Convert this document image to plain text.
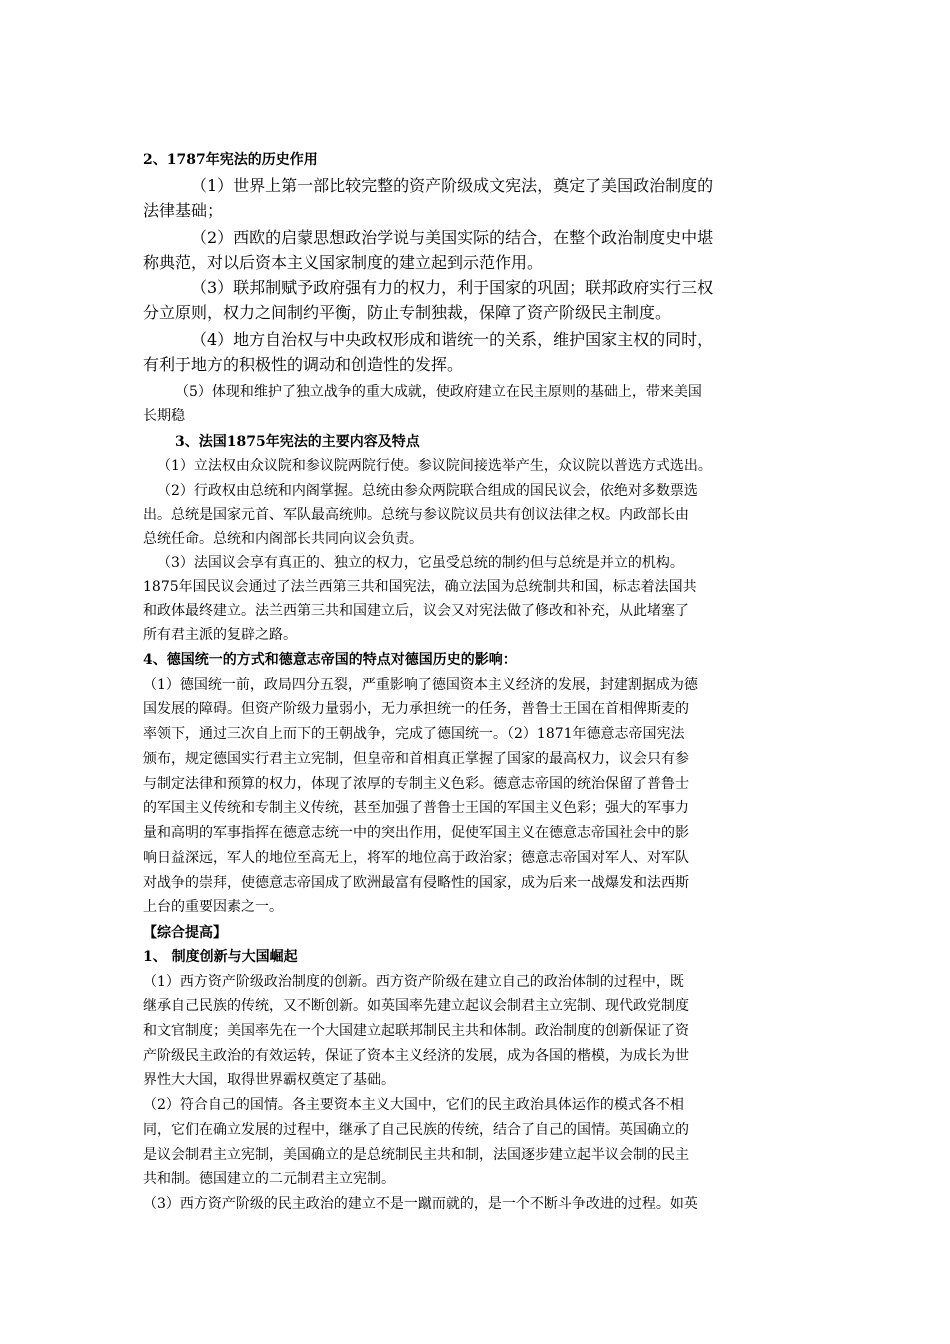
2、1787年宪法的历史作用
（1）世界上第一部比较完整的资产阶级成文宪法，奠定了美国政治制度的
法律基础；
（2）西欧的启蒙思想政治学说与美国实际的结合，在整个政治制度史中堪
称典范，对以后资本主义国家制度的建立起到示范作用。
（3）联邦制赋予政府强有力的权力，利于国家的巩固；联邦政府实行三权
分立原则，权力之间制约平衡，防止专制独裁，保障了资产阶级民主制度。
（4）地方自治权与中央政权形成和谐统一的关系，维护国家主权的同时，
有利于地方的积极性的调动和创造性的发挥。
（5）体现和维护了独立战争的重大成就，使政府建立在民主原则的基础上，带来美国
长期稳
3、法国1875年宪法的主要内容及特点
（1）立法权由众议院和参议院两院行使。参议院间接选举产生，众议院以普选方式选出。
（2）行政权由总统和内阁掌握。总统由参众两院联合组成的国民议会，依绝对多数票选
出。总统是国家元首、军队最高统帅。总统与参议院议员共有创议法律之权。内政部长由
总统任命。总统和内阁部长共同向议会负责。
（3）法国议会享有真正的、独立的权力，它虽受总统的制约但与总统是并立的机构。
1875年国民议会通过了法兰西第三共和国宪法，确立法国为总统制共和国，标志着法国共
和政体最终建立。法兰西第三共和国建立后，议会又对宪法做了修改和补充，从此堵塞了
所有君主派的复辟之路。
4、德国统一的方式和德意志帝国的特点对德国历史的影响：
（1）德国统一前，政局四分五裂，严重影响了德国资本主义经济的发展，封建割据成为德
国发展的障碍。但资产阶级力量弱小，无力承担统一的任务，普鲁士王国在首相俾斯麦的
率领下，通过三次自上而下的王朝战争，完成了德国统一。（2）1871年德意志帝国宪法
颁布，规定德国实行君主立宪制，但皇帝和首相真正掌握了国家的最高权力，议会只有参
与制定法律和预算的权力，体现了浓厚的专制主义色彩。德意志帝国的统治保留了普鲁士
的军国主义传统和专制主义传统，甚至加强了普鲁士王国的军国主义色彩；强大的军事力
量和高明的军事指挥在德意志统一中的突出作用，促使军国主义在德意志帝国社会中的影
响日益深远，军人的地位至高无上，将军的地位高于政治家；德意志帝国对军人、对军队
对战争的崇拜，使德意志帝国成了欧洲最富有侵略性的国家，成为后来一战爆发和法西斯
上台的重要因素之一。
【综合提高】
1、 制度创新与大国崛起
（1）西方资产阶级政治制度的创新。西方资产阶级在建立自己的政治体制的过程中，既
继承自己民族的传统，又不断创新。如英国率先建立起议会制君主立宪制、现代政党制度
和文官制度；美国率先在一个大国建立起联邦制民主共和体制。政治制度的创新保证了资
产阶级民主政治的有效运转，保证了资本主义经济的发展，成为各国的楷模，为成长为世
界性大大国，取得世界霸权奠定了基础。
（2）符合自己的国情。各主要资本主义大国中，它们的民主政治具体运作的模式各不相
同，它们在确立发展的过程中，继承了自己民族的传统，结合了自己的国情。英国确立的
是议会制君主立宪制，美国确立的是总统制民主共和制，法国逐步建立起半议会制的民主
共和制。德国建立的二元制君主立宪制。
（3）西方资产阶级的民主政治的建立不是一蹴而就的，是一个不断斗争改进的过程。如英
